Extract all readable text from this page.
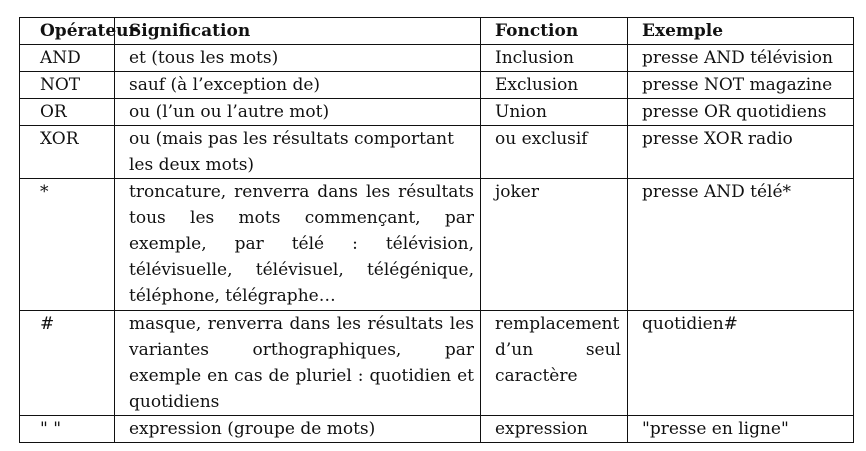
Opérateur	Signification	Fonction	Exemple
AND	et (tous les mots)	Inclusion	presse AND télévision
NOT	sauf (à l’exception de)	Exclusion	presse NOT magazine
OR	ou (l’un ou l’autre mot)	Union	presse OR quotidiens
XOR	ou (mais pas les résultats comportant les deux mots)	ou exclusif	presse XOR radio
*	troncature, renverra dans les résultats tous les mots commençant, par exemple, par télé : télévision, télévisuelle, télévisuel, télégénique, téléphone, télégraphe…	joker	presse AND télé*
#	masque, renverra dans les résultats les variantes orthographiques, par exemple en cas de pluriel : quotidien et quotidiens	remplacement d’un seul caractère	quotidien#
" "	expression (groupe de mots)	expression	"presse en ligne"
